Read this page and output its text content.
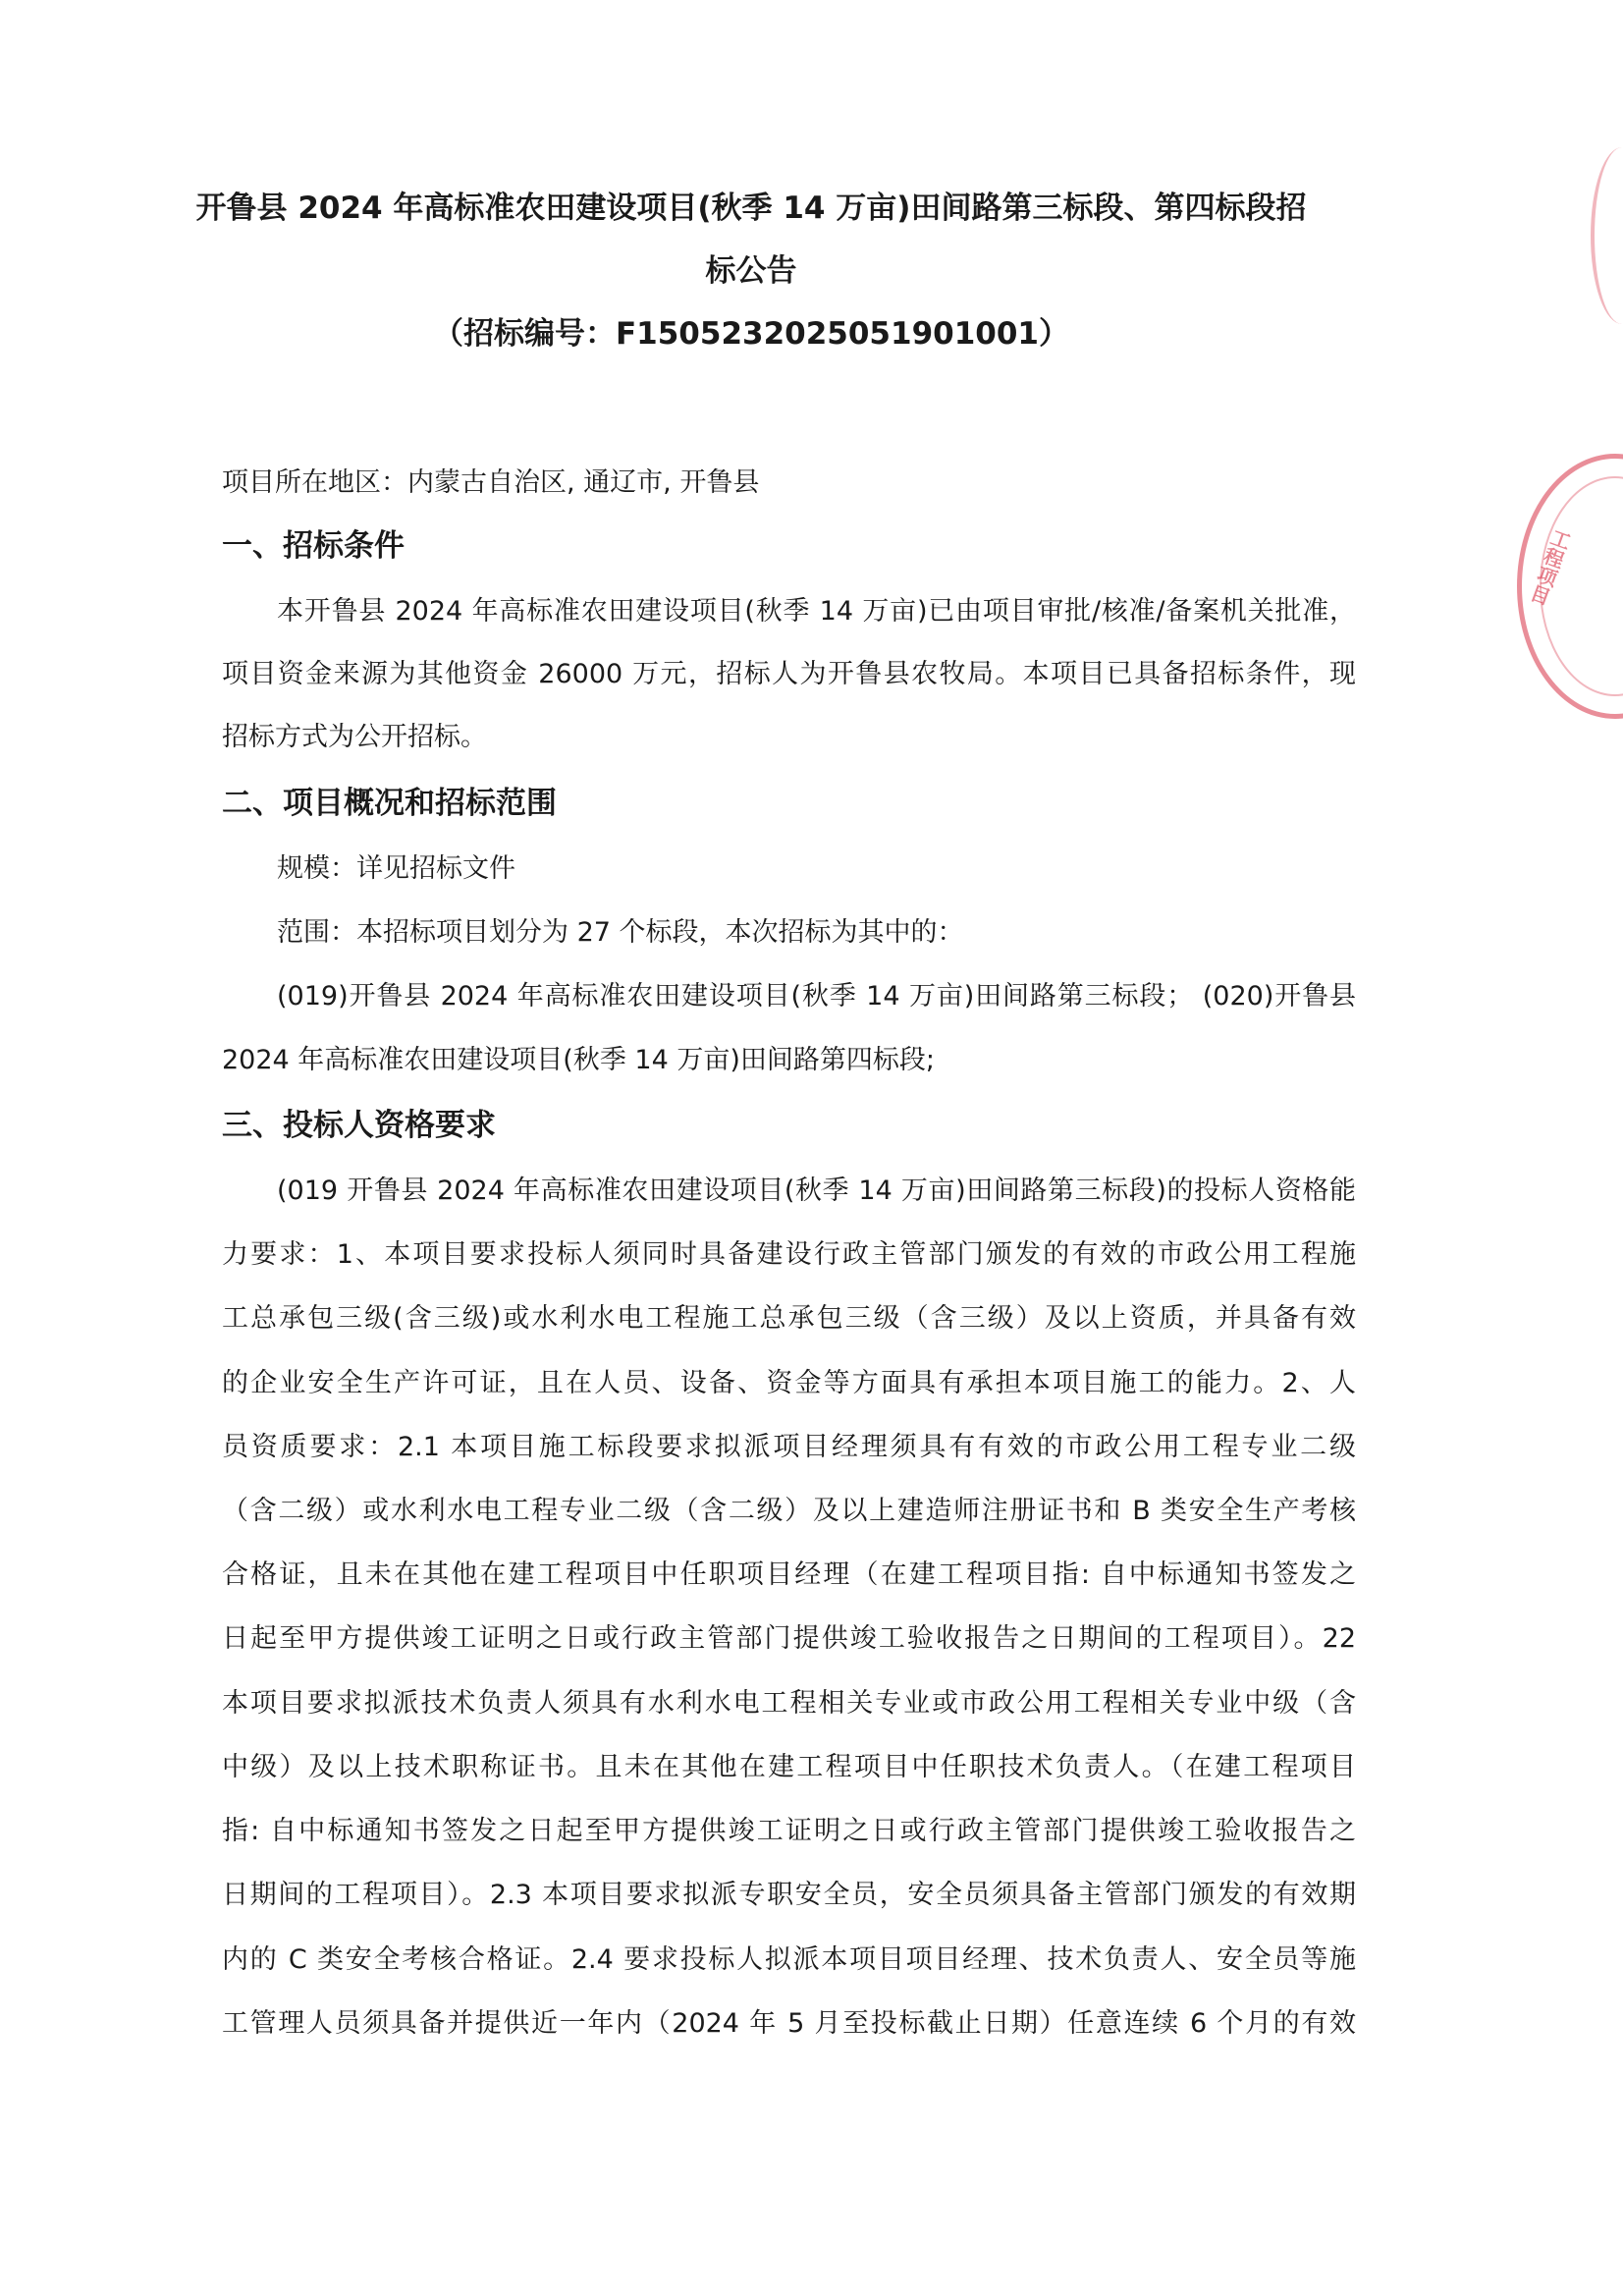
开鲁县 2024 年高标准农田建设项目(秋季 14 万亩)田间路第三标段、第四标段招
标公告
（招标编号：F1505232025051901001）
项目所在地区：内蒙古自治区, 通辽市, 开鲁县
一、招标条件
本开鲁县 2024 年高标准农田建设项目(秋季 14 万亩)已由项目审批/核准/备案机关批准，
项目资金来源为其他资金 26000 万元，招标人为开鲁县农牧局。本项目已具备招标条件，现
招标方式为公开招标。
二、项目概况和招标范围
规模：详见招标文件
范围：本招标项目划分为 27 个标段，本次招标为其中的：
(019)开鲁县 2024 年高标准农田建设项目(秋季 14 万亩)田间路第三标段； (020)开鲁县
2024 年高标准农田建设项目(秋季 14 万亩)田间路第四标段;
三、投标人资格要求
(019 开鲁县 2024 年高标准农田建设项目(秋季 14 万亩)田间路第三标段)的投标人资格能
力要求：1、本项目要求投标人须同时具备建设行政主管部门颁发的有效的市政公用工程施
工总承包三级(含三级)或水利水电工程施工总承包三级（含三级）及以上资质，并具备有效
的企业安全生产许可证，且在人员、设备、资金等方面具有承担本项目施工的能力。2、人
员资质要求：2.1 本项目施工标段要求拟派项目经理须具有有效的市政公用工程专业二级
（含二级）或水利水电工程专业二级（含二级）及以上建造师注册证书和 B 类安全生产考核
合格证，且未在其他在建工程项目中任职项目经理（在建工程项目指: 自中标通知书签发之
日起至甲方提供竣工证明之日或行政主管部门提供竣工验收报告之日期间的工程项目）。22
本项目要求拟派技术负责人须具有水利水电工程相关专业或市政公用工程相关专业中级（含
中级）及以上技术职称证书。且未在其他在建工程项目中任职技术负责人。（在建工程项目
指: 自中标通知书签发之日起至甲方提供竣工证明之日或行政主管部门提供竣工验收报告之
日期间的工程项目）。2.3 本项目要求拟派专职安全员，安全员须具备主管部门颁发的有效期
内的 C 类安全考核合格证。2.4 要求投标人拟派本项目项目经理、技术负责人、安全员等施
工管理人员须具备并提供近一年内（2024 年 5 月至投标截止日期）任意连续 6 个月的有效
工程项目
